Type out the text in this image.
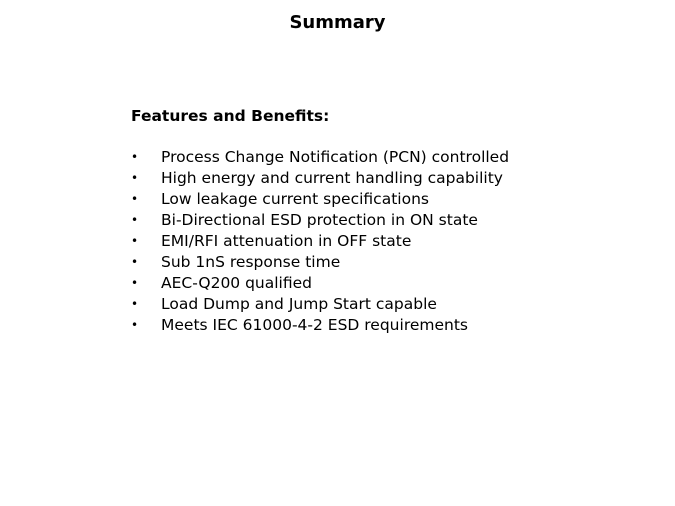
Summary
Features and Benefits:
• Process Change Notification (PCN) controlled
• High energy and current handling capability
• Low leakage current specifications
• Bi-Directional ESD protection in ON state
• EMI/RFI attenuation in OFF state
• Sub 1nS response time
• AEC-Q200 qualified
• Load Dump and Jump Start capable
• Meets IEC 61000-4-2 ESD requirements
